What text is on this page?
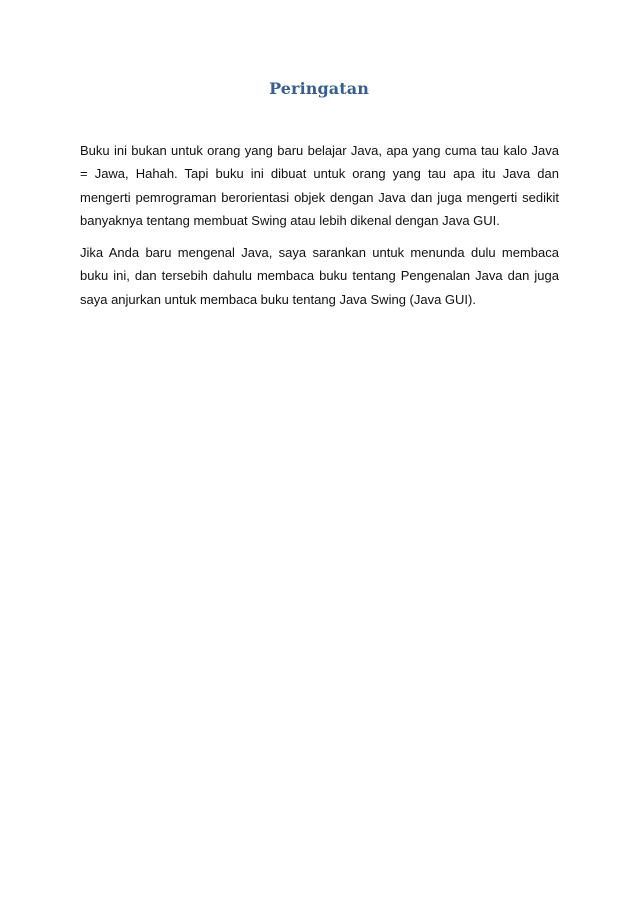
Peringatan

Buku ini bukan untuk orang yang baru belajar Java, apa yang cuma tau kalo Java = Jawa, Hahah. Tapi buku ini dibuat untuk orang yang tau apa itu Java dan mengerti pemrograman berorientasi objek dengan Java dan juga mengerti sedikit banyaknya tentang membuat Swing atau lebih dikenal dengan Java GUI.

Jika Anda baru mengenal Java, saya sarankan untuk menunda dulu membaca buku ini, dan tersebih dahulu membaca buku tentang Pengenalan Java dan juga saya anjurkan untuk membaca buku tentang Java Swing (Java GUI).
